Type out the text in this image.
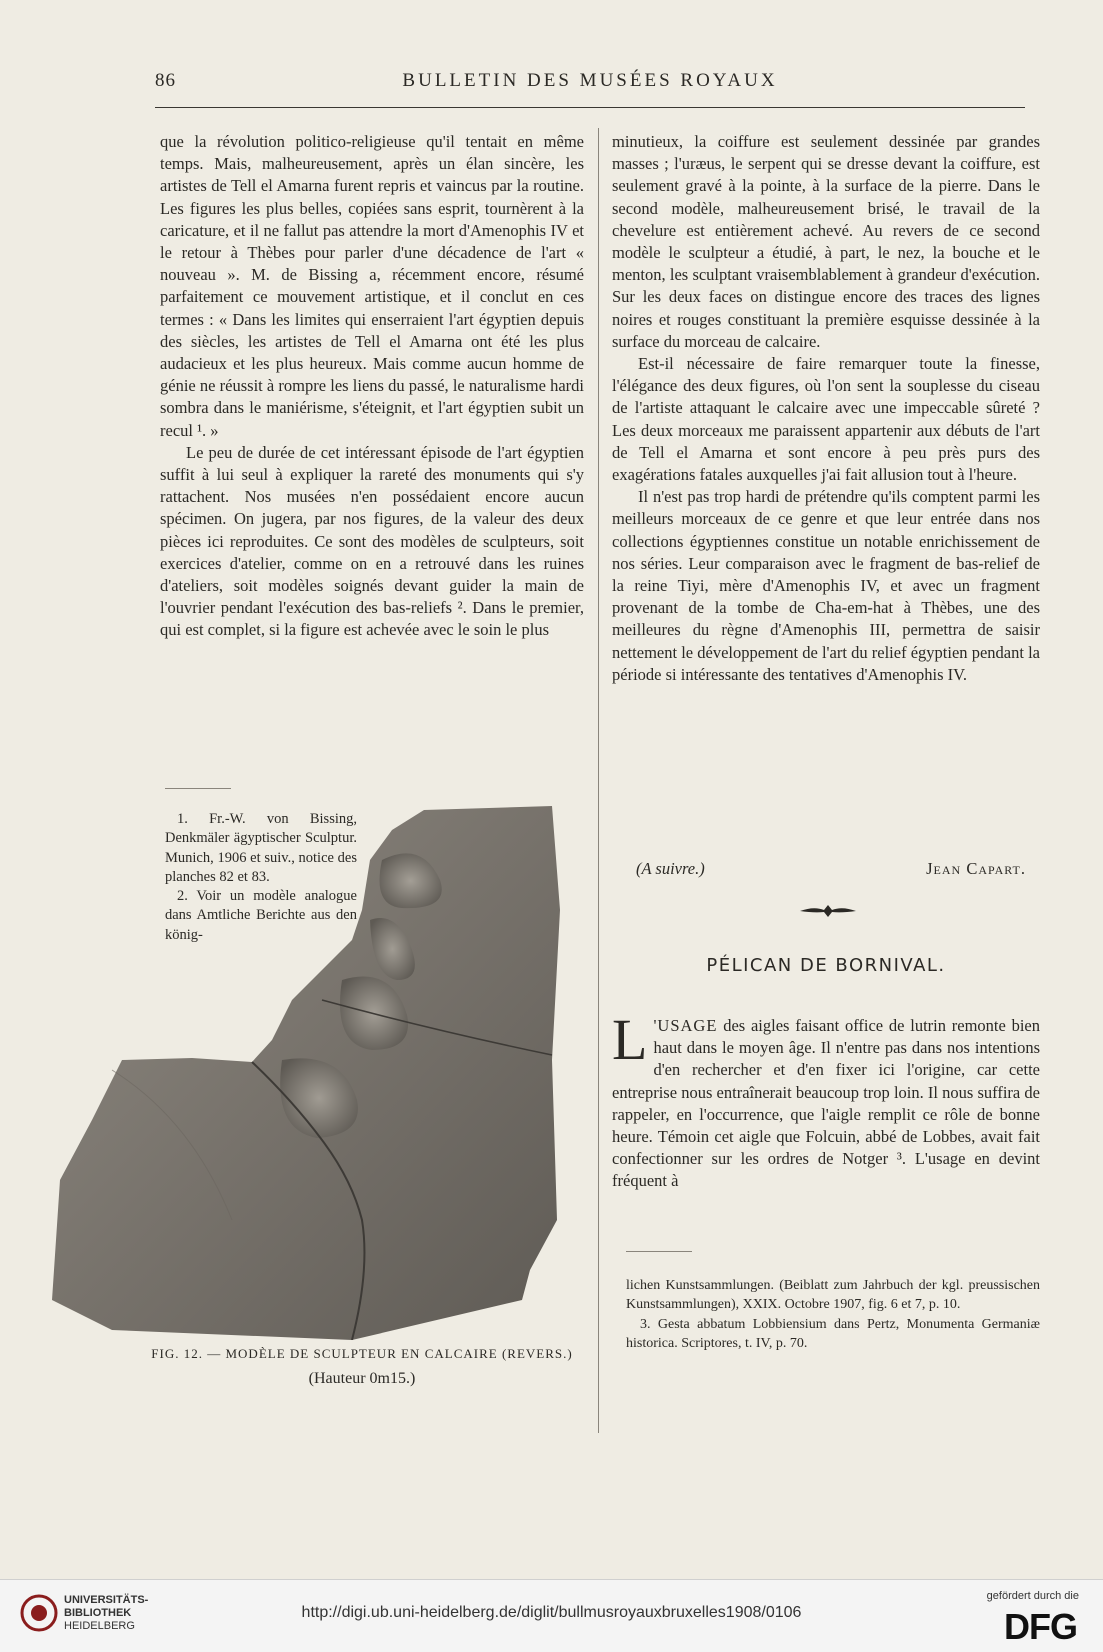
86	BULLETIN DES MUSÉES ROYAUX

que la révolution politico-religieuse qu'il tentait en même temps. Mais, malheureusement, après un élan sincère, les artistes de Tell el Amarna furent repris et vaincus par la routine. Les figures les plus belles, copiées sans esprit, tournèrent à la caricature, et il ne fallut pas attendre la mort d'Amenophis IV et le retour à Thèbes pour parler d'une décadence de l'art « nouveau ». M. de Bissing a, récemment encore, résumé parfaitement ce mouvement artistique, et il conclut en ces termes : « Dans les limites qui enserraient l'art égyptien depuis des siècles, les artistes de Tell el Amarna ont été les plus audacieux et les plus heureux. Mais comme aucun homme de génie ne réussit à rompre les liens du passé, le naturalisme hardi sombra dans le maniérisme, s'éteignit, et l'art égyptien subit un recul ¹. »

Le peu de durée de cet intéressant épisode de l'art égyptien suffit à lui seul à expliquer la rareté des monuments qui s'y rattachent. Nos musées n'en possédaient encore aucun spécimen. On jugera, par nos figures, de la valeur des deux pièces ici reproduites. Ce sont des modèles de sculpteurs, soit exercices d'atelier, comme on en a retrouvé dans les ruines d'ateliers, soit modèles soignés devant guider la main de l'ouvrier pendant l'exécution des bas-reliefs ². Dans le premier, qui est complet, si la figure est achevée avec le soin le plus

1. Fr.-W. von Bissing, Denkmäler ägyptischer Sculptur. Munich, 1906 et suiv., notice des planches 82 et 83.

2. Voir un modèle analogue dans Amtliche Berichte aus den könig-

FIG. 12. — MODÈLE DE SCULPTEUR EN CALCAIRE (REVERS.)
(Hauteur 0m15.)

minutieux, la coiffure est seulement dessinée par grandes masses ; l'uræus, le serpent qui se dresse devant la coiffure, est seulement gravé à la pointe, à la surface de la pierre. Dans le second modèle, malheureusement brisé, le travail de la chevelure est entièrement achevé. Au revers de ce second modèle le sculpteur a étudié, à part, le nez, la bouche et le menton, les sculptant vraisemblablement à grandeur d'exécution. Sur les deux faces on distingue encore des traces des lignes noires et rouges constituant la première esquisse dessinée à la surface du morceau de calcaire.

Est-il nécessaire de faire remarquer toute la finesse, l'élégance des deux figures, où l'on sent la souplesse du ciseau de l'artiste attaquant le calcaire avec une impeccable sûreté ? Les deux morceaux me paraissent appartenir aux débuts de l'art de Tell el Amarna et sont encore à peu près purs des exagérations fatales auxquelles j'ai fait allusion tout à l'heure.

Il n'est pas trop hardi de prétendre qu'ils comptent parmi les meilleurs morceaux de ce genre et que leur entrée dans nos collections égyptiennes constitue un notable enrichissement de nos séries. Leur comparaison avec le fragment de bas-relief de la reine Tiyi, mère d'Amenophis IV, et avec un fragment provenant de la tombe de Cha-em-hat à Thèbes, une des meilleures du règne d'Amenophis III, permettra de saisir nettement le développement de l'art du relief égyptien pendant la période si intéressante des tentatives d'Amenophis IV.

(A suivre.)	Jean Capart.
PÉLICAN DE BORNIVAL.
L 'USAGE des aigles faisant office de lutrin remonte bien haut dans le moyen âge. Il n'entre pas dans nos intentions d'en rechercher et d'en fixer ici l'origine, car cette entreprise nous entraînerait beaucoup trop loin. Il nous suffira de rappeler, en l'occurrence, que l'aigle remplit ce rôle de bonne heure. Témoin cet aigle que Folcuin, abbé de Lobbes, avait fait confectionner sur les ordres de Notger ³. L'usage en devint fréquent à

lichen Kunstsammlungen. (Beiblatt zum Jahrbuch der kgl. preussischen Kunstsammlungen), XXIX. Octobre 1907, fig. 6 et 7, p. 10.

3. Gesta abbatum Lobbiensium dans Pertz, Monumenta Germaniæ historica. Scriptores, t. IV, p. 70.

UNIVERSITÄTS-
BIBLIOTHEK
HEIDELBERG
http://digi.ub.uni-heidelberg.de/diglit/bullmusroyauxbruxelles1908/0106
gefördert durch die
DFG
